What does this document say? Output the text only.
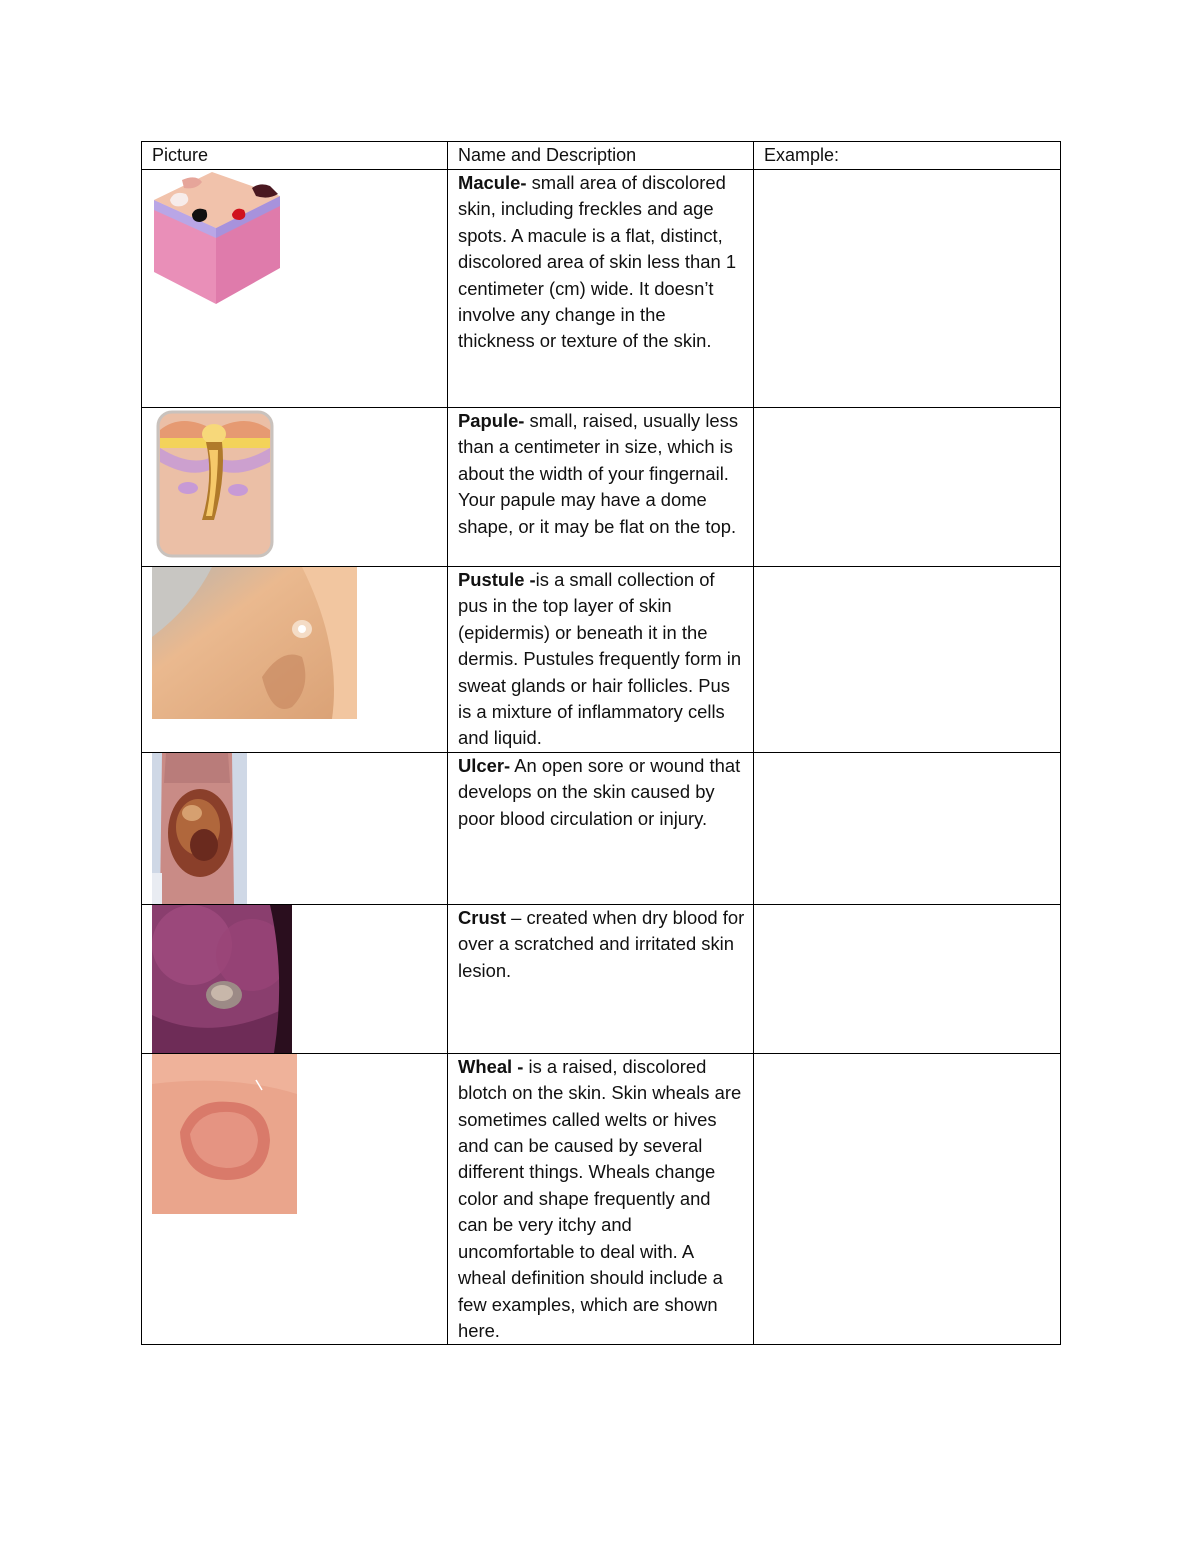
Picture	Name and Description	Example:

	Macule- small area of discolored skin, including freckles and age spots. A macule is a flat, distinct, discolored area of skin less than 1 centimeter (cm) wide. It doesn’t involve any change in the thickness or texture of the skin.	

	Papule- small, raised, usually less than a centimeter in size, which is about the width of your fingernail. Your papule may have a dome shape, or it may be flat on the top.	

	Pustule -is a small collection of pus in the top layer of skin (epidermis) or beneath it in the dermis. Pustules frequently form in sweat glands or hair follicles. Pus is a mixture of inflammatory cells and liquid.	

	Ulcer- An open sore or wound that develops on the skin caused by poor blood circulation or injury.	

	Crust – created when dry blood for over a scratched and irritated skin lesion.	

	Wheal - is a raised, discolored blotch on the skin. Skin wheals are sometimes called welts or hives and can be caused by several different things. Wheals change color and shape frequently and can be very itchy and uncomfortable to deal with. A wheal definition should include a few examples, which are shown here.	
